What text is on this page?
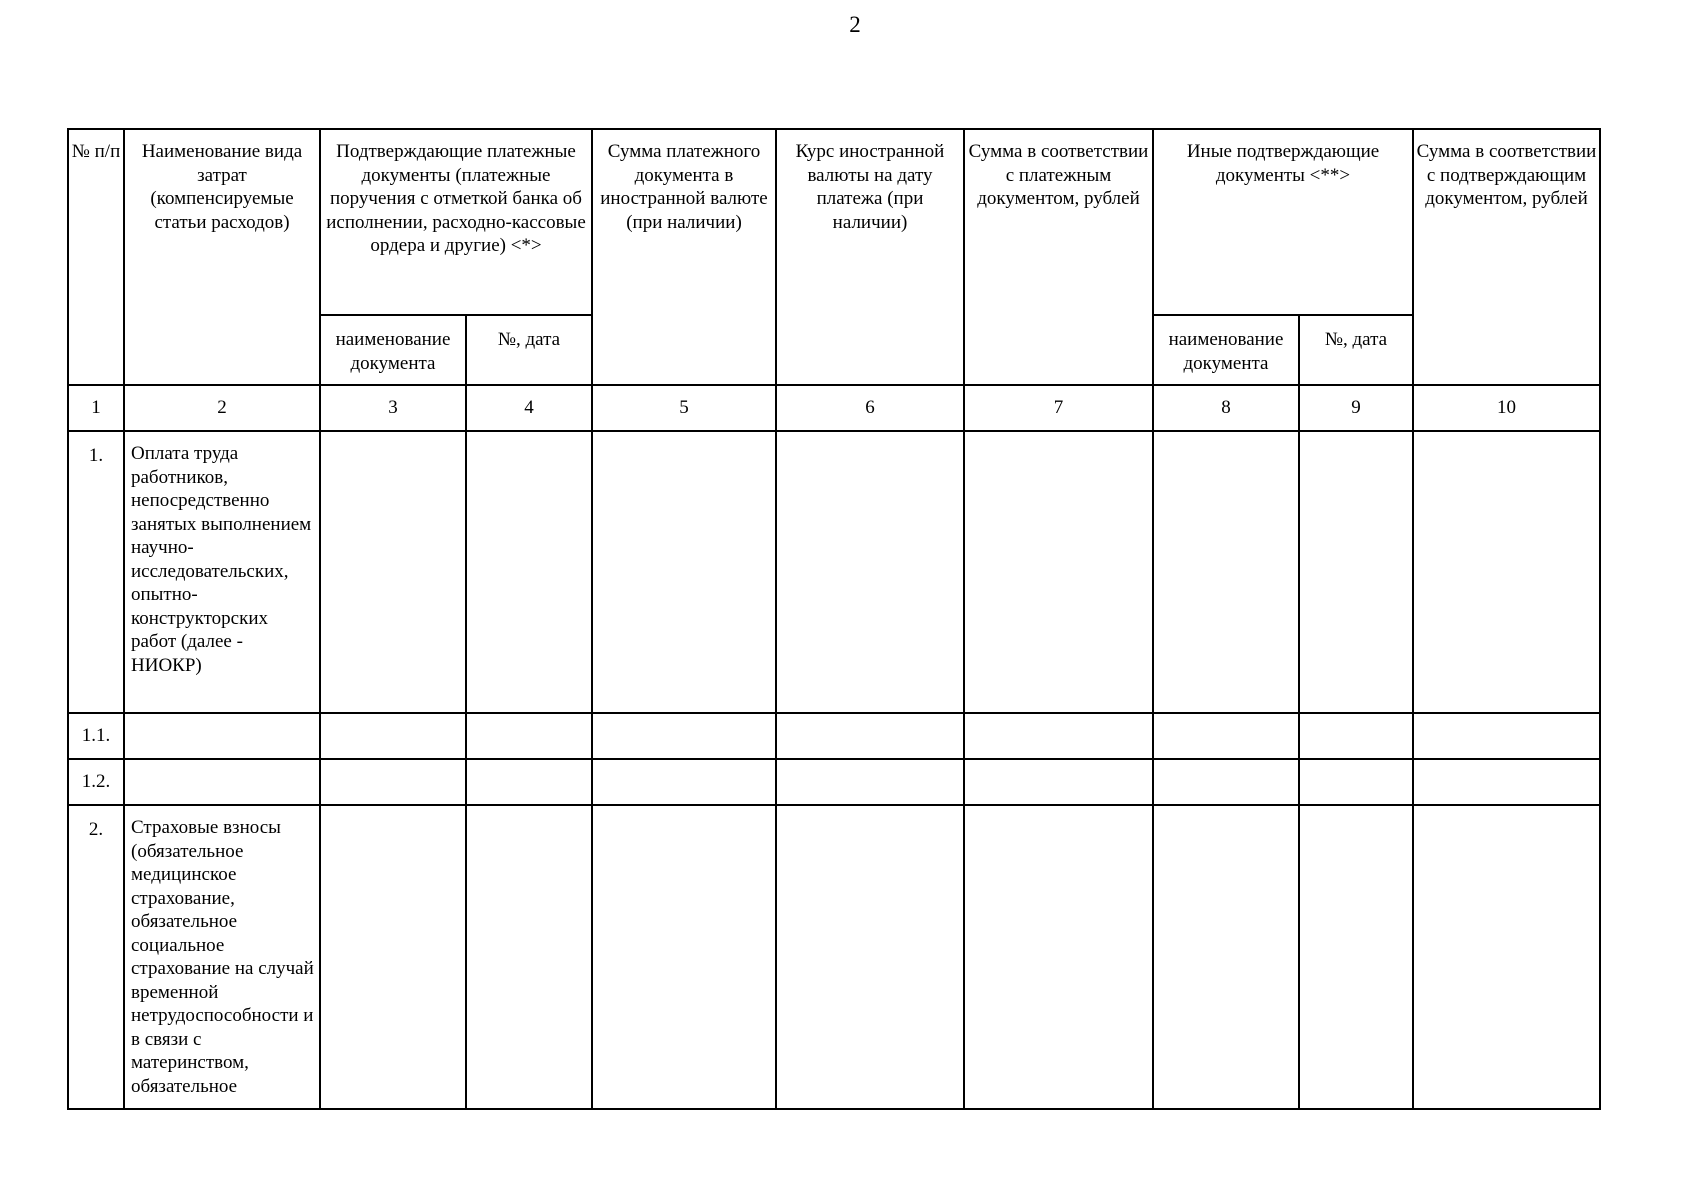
2
№ п/п	Наименование вида затрат (компенсируемые статьи расходов)	Подтверждающие платежные документы (платежные поручения с отметкой банка об исполнении, расходно-кассовые ордера и другие) <*>		Сумма платежного документа в иностранной валюте (при наличии)	Курс иностранной валюты на дату платежа (при наличии)	Сумма в соответствии с платежным документом, рублей	Иные подтверждающие документы <**>		Сумма в соответствии с подтверждающим документом, рублей
		наименование документа	№, дата				наименование документа	№, дата	
1	2	3	4	5	6	7	8	9	10
1.	Оплата труда работников, непосредственно занятых выполнением научно-исследовательских, опытно-конструкторских работ (далее - НИОКР)								
1.1.									
1.2.									
2.	Страховые взносы (обязательное медицинское страхование, обязательное социальное страхование на случай временной нетрудоспособности и в связи с материнством, обязательное								
